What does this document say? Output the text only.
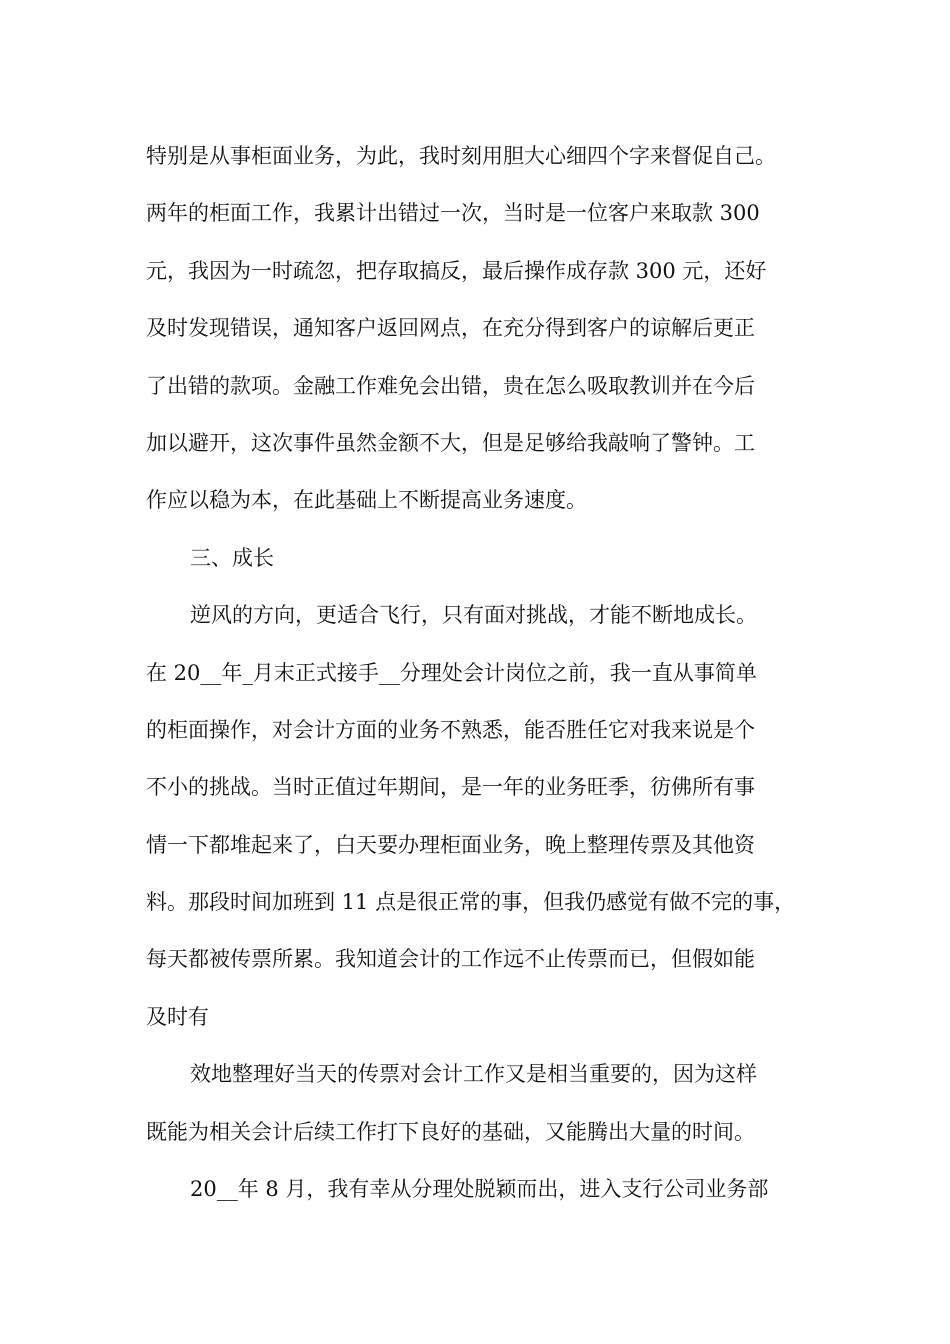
特别是从事柜面业务，为此，我时刻用胆大心细四个字来督促自己。
两年的柜面工作，我累计出错过一次，当时是一位客户来取款 300
元，我因为一时疏忽，把存取搞反，最后操作成存款 300 元，还好
及时发现错误，通知客户返回网点，在充分得到客户的谅解后更正
了出错的款项。金融工作难免会出错，贵在怎么吸取教训并在今后
加以避开，这次事件虽然金额不大，但是足够给我敲响了警钟。工
作应以稳为本，在此基础上不断提高业务速度。
三、成长
逆风的方向，更适合飞行，只有面对挑战，才能不断地成长。
在 20__年_月末正式接手__分理处会计岗位之前，我一直从事简单
的柜面操作，对会计方面的业务不熟悉，能否胜任它对我来说是个
不小的挑战。当时正值过年期间，是一年的业务旺季，彷佛所有事
情一下都堆起来了，白天要办理柜面业务，晚上整理传票及其他资
料。那段时间加班到 11 点是很正常的事，但我仍感觉有做不完的事，
每天都被传票所累。我知道会计的工作远不止传票而已，但假如能
及时有
效地整理好当天的传票对会计工作又是相当重要的，因为这样
既能为相关会计后续工作打下良好的基础，又能腾出大量的时间。
20__年 8 月，我有幸从分理处脱颖而出，进入支行公司业务部
